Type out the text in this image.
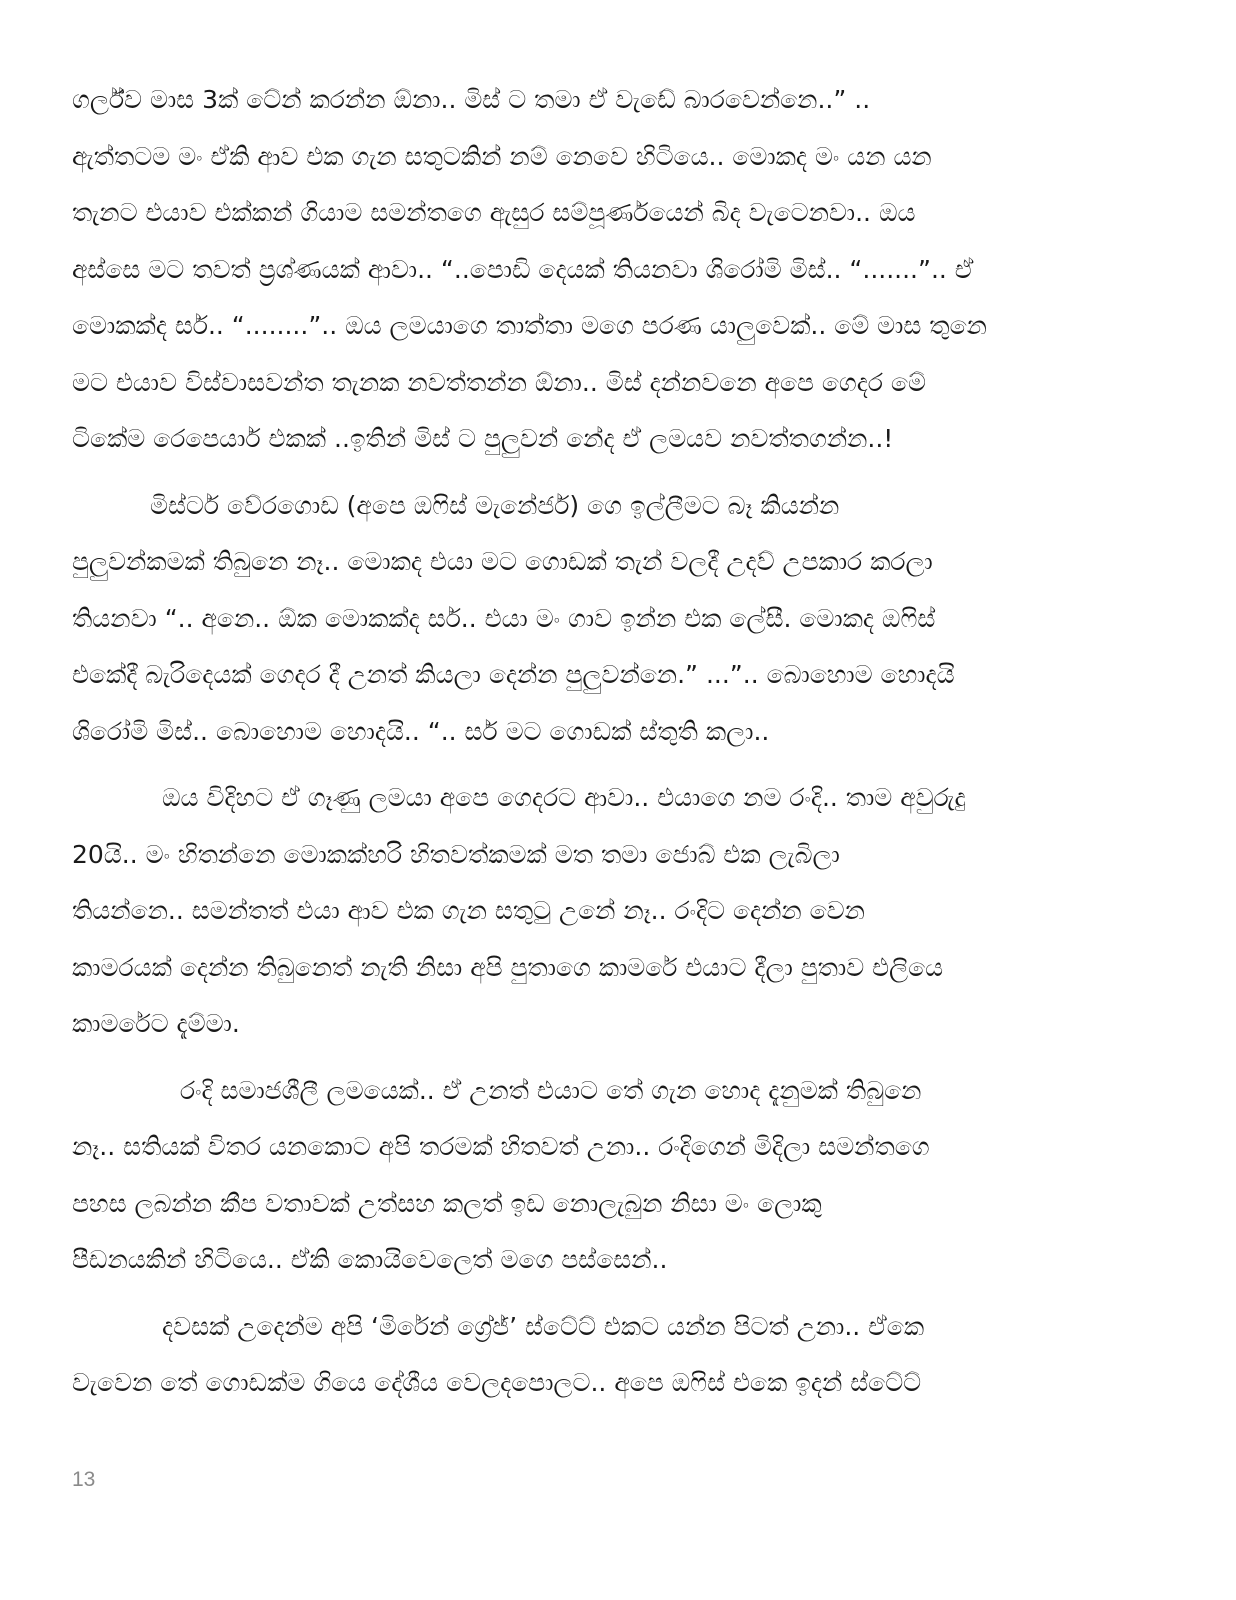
ගර්ල්ව මාස 3ක් ටේන් කරන්න ඕනා.. මිස් ට තමා ඒ වැඩේ බාරවෙන්නෙ..” ..
ඇත්තටම මං ඒකි ආව එක ගැන සතුටකින් නම් නෙවෙ හිටියෙ.. මොකද මං යන යන
තැනට එයාව එක්කන් ගියාම සමන්තගෙ ඇසුර සම්පූර්ණයෙන් බිද වැටෙනවා.. ඔය
අස්සෙ මට තවත් ප්‍රශ්ණයක් ආවා.. “..පොඩි දෙයක් තියනවා ශිරෝමි මිස්.. “.......”.. ඒ
මොකක්ද සර්.. “........”.. ඔය ලමයාගෙ තාත්තා මගෙ පරණ යාලුවෙක්.. මේ මාස තුනෙ
මට එයාව විස්වාසවන්ත තැනක නවත්තන්න ඕනා.. මිස් දන්නවනෙ අපෙ ගෙදර මේ
ටිකේම රෙපෙයාර් එකක් ..ඉතින් මිස් ට පුලුවන් නේද ඒ ලමයව නවත්තගන්න..!
මිස්ටර් වේරගොඩ (අපෙ ඔෆිස් මැනේජර්) ගෙ ඉල්ලීමට බෑ කියන්න
පුලුවන්කමක් තිබුනෙ නෑ.. මොකද එයා මට ගොඩක් තැන් වලදී උදව් උපකාර කරලා
තියනවා “.. අනෙ.. ඕක මොකක්ද සර්.. එයා මං ගාව ඉන්න එක ලේසී. මොකද ඔෆිස්
එකේදී බැරිදෙයක් ගෙදර දී උනත් කියලා දෙන්න පුලුවන්නෙ.” ...”.. බොහොම හොදයි
ශිරෝමි මිස්.. බොහොම හොදයි.. “.. සර් මට ගොඩක් ස්තුති කලා..
ඔය විදිහට ඒ ගෑණු ලමයා අපෙ ගෙදරට ආවා.. එයාගෙ නම රංදි.. තාම අවුරුදු
20යි.. මං හිතන්නෙ මොකක්හරි හිතවත්කමක් මත තමා ජොබ් එක ලැබිලා
තියන්නෙ.. සමන්තත් එයා ආව එක ගැන සතුටු උනේ නෑ.. රංදිට දෙන්න වෙන
කාමරයක් දෙන්න තිබුනෙත් නැති නිසා අපි පුතාගෙ කාමරේ එයාට දීලා පුතාව එලියෙ
කාමරේට දැම්මා.
රංදි සමාජශීලී ලමයෙක්.. ඒ උනත් එයාට තේ ගැන හොද දැනුමක් තිබුනෙ
නෑ.. සතියක් විතර යනකොට අපි තරමක් හිතවත් උනා.. රංදිගෙන් මිදිලා සමන්තගෙ
පහස ලබන්න කීප වතාවක් උත්සහ කලත් ඉඩ නොලැබුන නිසා මං ලොකු
පීඩනයකින් හිටියෙ.. ඒකි කොයිවෙලෙත් මගෙ පස්සෙන්..
දවසක් උදෙන්ම අපි ‘මිරේන් ග්‍රේජ්’ ස්ටේට් එකට යන්න පිටත් උනා.. ඒකෙ
වැවෙන තේ ගොඩක්ම ගියෙ දේශීය වෙලදපොලට.. අපෙ ඔෆිස් එකෙ ඉදන් ස්ටේට්
13
